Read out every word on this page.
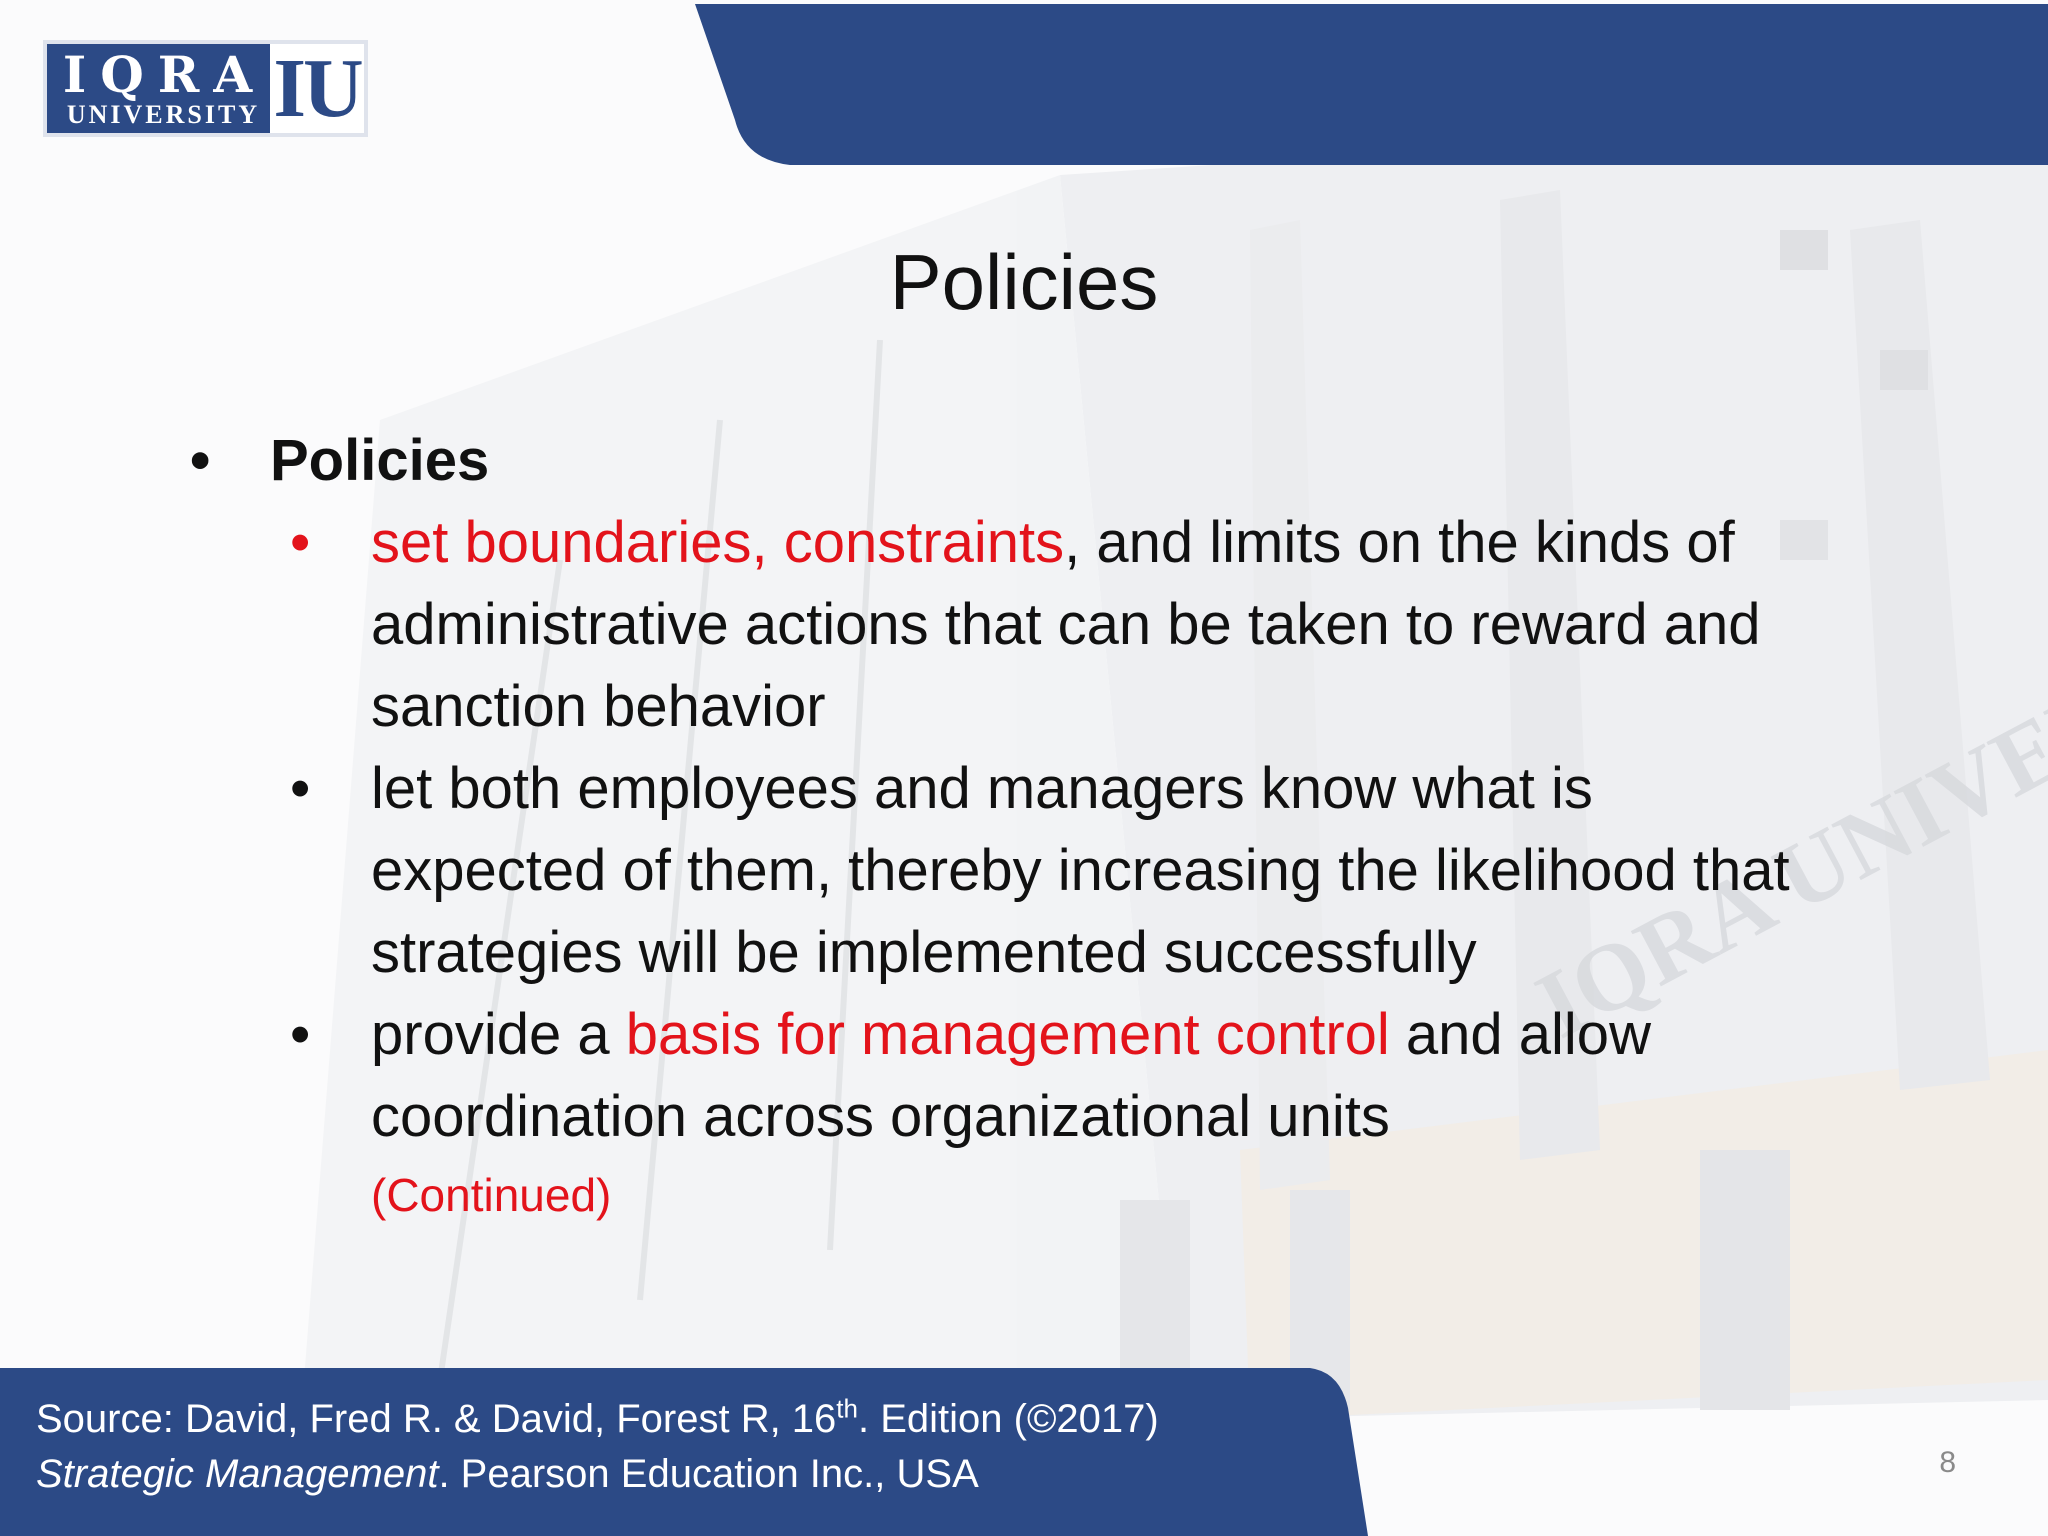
IQRA
UNIVERSITY IU
Policies
• Policies
• set boundaries, constraints, and limits on the kinds of administrative actions that can be taken to reward and sanction behavior
• let both employees and managers know what is expected of them, thereby increasing the likelihood that strategies will be implemented successfully
• provide a basis for management control and allow coordination across organizational units
(Continued)
Source: David, Fred R. & David, Forest R, 16th. Edition (©2017)
Strategic Management. Pearson Education Inc., USA	8
